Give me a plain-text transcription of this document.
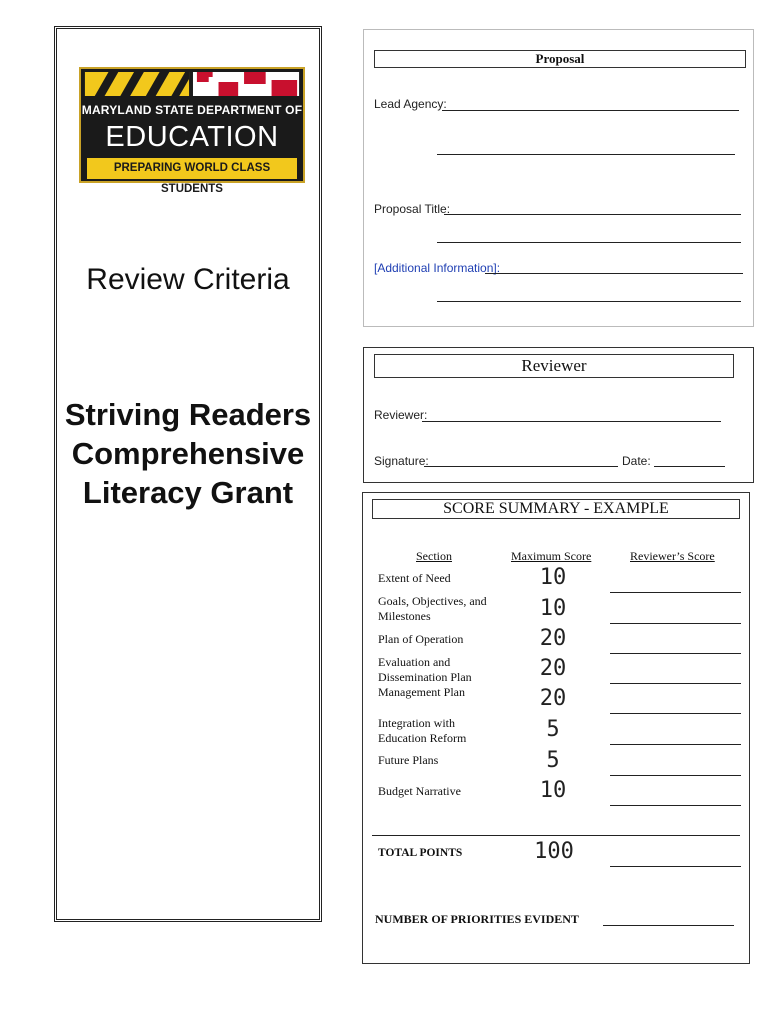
MARYLAND STATE DEPARTMENT OF
EDUCATION
PREPARING WORLD CLASS STUDENTS
Review Criteria
Striving Readers
Comprehensive
Literacy Grant
Proposal
Lead Agency:
Proposal Title:
[Additional Information]:
Reviewer
Reviewer:
Signature:	Date:
SCORE SUMMARY - EXAMPLE
Section	Maximum Score	Reviewer’s Score
Extent of Need	10
Goals, Objectives, and Milestones	10
Plan of Operation	20
Evaluation and Dissemination Plan	20
Management Plan	20
Integration with Education Reform	5
Future Plans	5
Budget Narrative	10
TOTAL POINTS	100
NUMBER OF PRIORITIES EVIDENT
